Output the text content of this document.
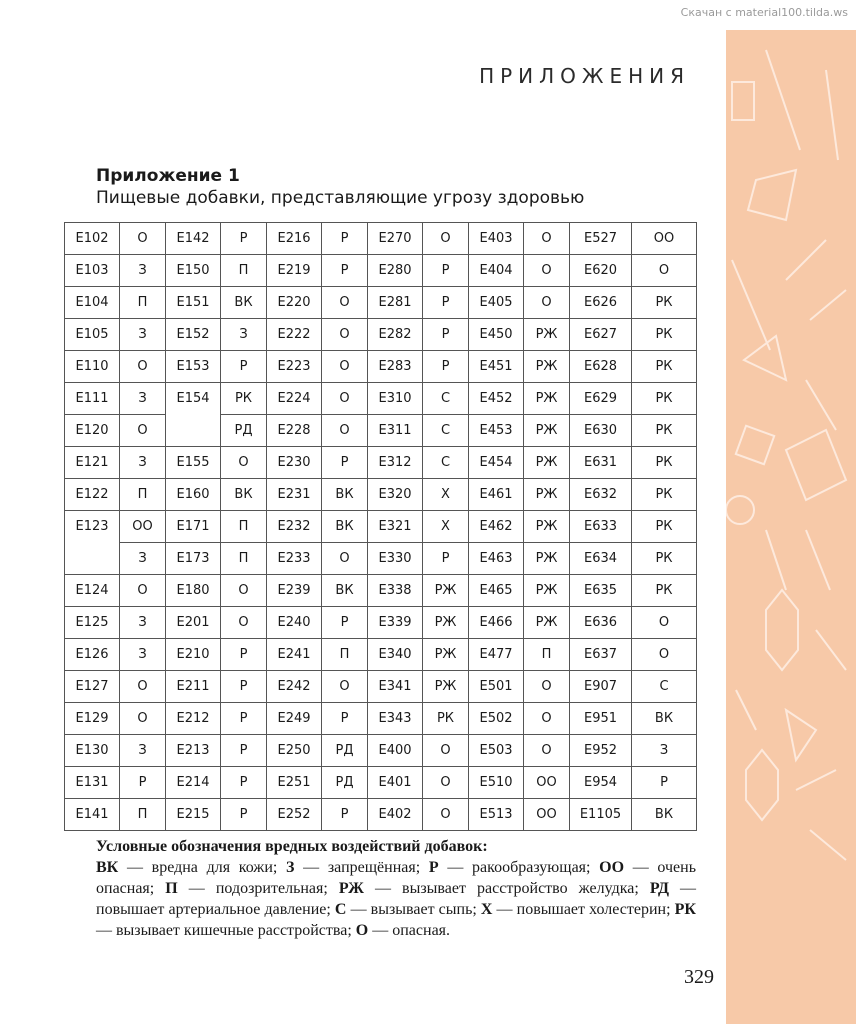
Скачан с material100.tilda.ws
ПРИЛОЖЕНИЯ
Приложение 1
Пищевые добавки, представляющие угрозу здоровью
E102	О	E142	Р	E216	Р	E270	О	E403	О	E527	ОО
E103	З	E150	П	E219	Р	E280	Р	E404	О	E620	О
E104	П	E151	ВК	E220	О	E281	Р	E405	О	E626	РК
E105	З	E152	З	E222	О	E282	Р	E450	РЖ	E627	РК
E110	О	E153	Р	E223	О	E283	Р	E451	РЖ	E628	РК
E111	З	E154	РК	E224	О	E310	С	E452	РЖ	E629	РК
E120	О		РД	E228	О	E311	С	E453	РЖ	E630	РК
E121	З	E155	О	E230	Р	E312	С	E454	РЖ	E631	РК
E122	П	E160	ВК	E231	ВК	E320	Х	E461	РЖ	E632	РК
E123	ОО	E171	П	E232	ВК	E321	Х	E462	РЖ	E633	РК
	З	E173	П	E233	О	E330	Р	E463	РЖ	E634	РК
E124	О	E180	О	E239	ВК	E338	РЖ	E465	РЖ	E635	РК
E125	З	E201	О	E240	Р	E339	РЖ	E466	РЖ	E636	О
E126	З	E210	Р	E241	П	E340	РЖ	E477	П	E637	О
E127	О	E211	Р	E242	О	E341	РЖ	E501	О	E907	С
E129	О	E212	Р	E249	Р	E343	РК	E502	О	E951	ВК
E130	З	E213	Р	E250	РД	E400	О	E503	О	E952	З
E131	Р	E214	Р	E251	РД	E401	О	E510	ОО	E954	Р
E141	П	E215	Р	E252	Р	E402	О	E513	ОО	E1105	ВК

Условные обозначения вредных воздействий добавок:

ВК — вредна для кожи; З — запрещённая; Р — ракообразующая; ОО — очень опасная; П — подозрительная; РЖ — вызывает расстройство желудка; РД — повышает артериальное давление; С — вызывает сыпь; Х — повышает холестерин; РК — вызывает кишечные расстройства; О — опасная.

329
